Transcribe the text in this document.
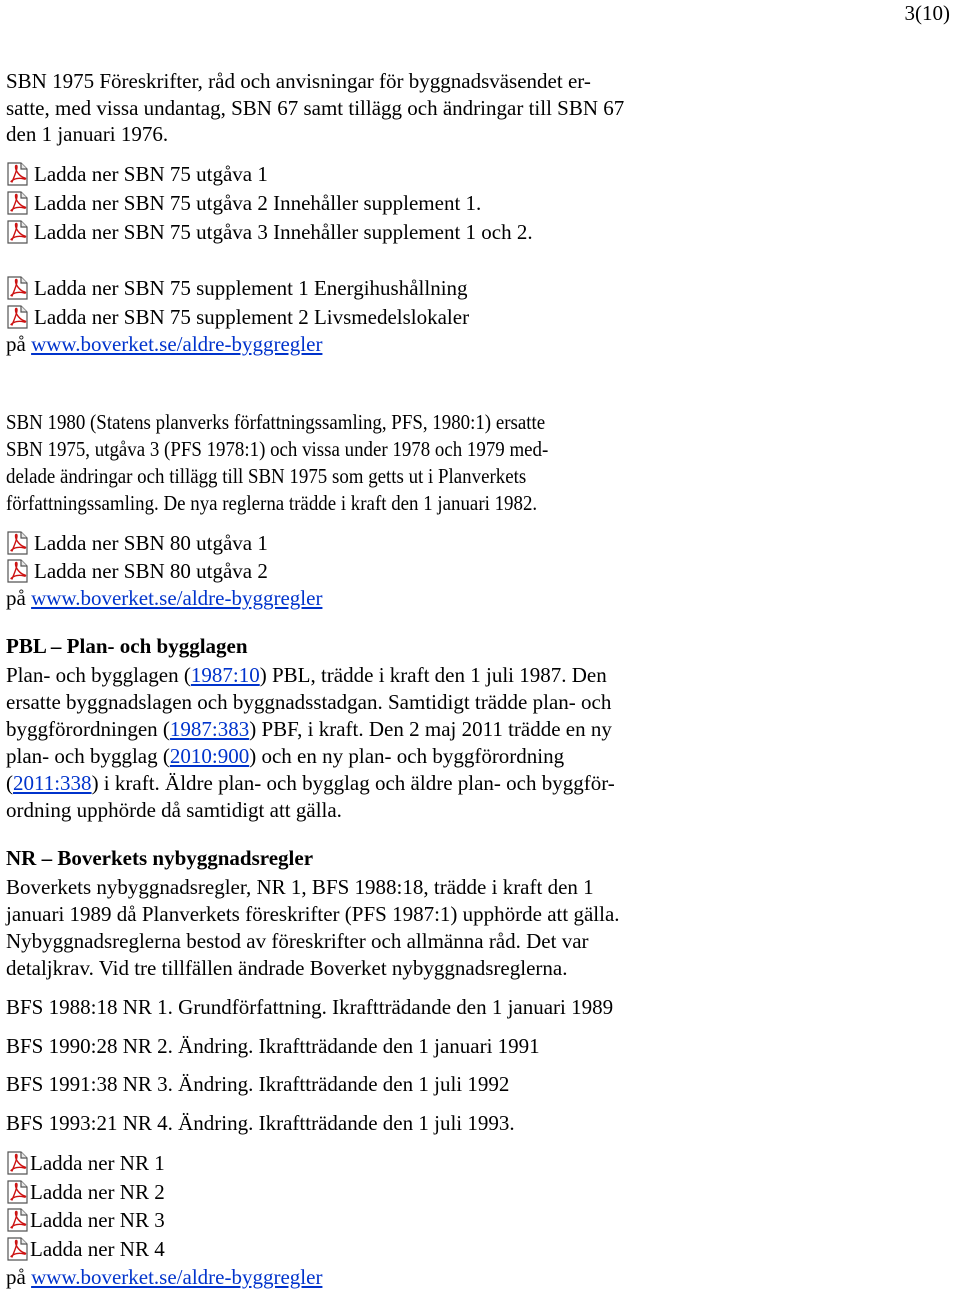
3(10)
SBN 1975 Föreskrifter, råd och anvisningar för byggnadsväsendet er-
satte, med vissa undantag, SBN 67 samt tillägg och ändringar till SBN 67
den 1 januari 1976.
Ladda ner SBN 75 utgåva 1
Ladda ner SBN 75 utgåva 2 Innehåller supplement 1.
Ladda ner SBN 75 utgåva 3 Innehåller supplement 1 och 2.
Ladda ner SBN 75 supplement 1 Energihushållning
Ladda ner SBN 75 supplement 2 Livsmedelslokaler
på www.boverket.se/aldre-byggregler
SBN 1980 (Statens planverks författningssamling, PFS, 1980:1) ersatte
SBN 1975, utgåva 3 (PFS 1978:1) och vissa under 1978 och 1979 med-
delade ändringar och tillägg till SBN 1975 som getts ut i Planverkets
författningssamling. De nya reglerna trädde i kraft den 1 januari 1982.
Ladda ner SBN 80 utgåva 1
Ladda ner SBN 80 utgåva 2
på www.boverket.se/aldre-byggregler
PBL – Plan- och bygglagen
Plan- och bygglagen (1987:10) PBL, trädde i kraft den 1 juli 1987. Den
ersatte byggnadslagen och byggnadsstadgan. Samtidigt trädde plan- och
byggförordningen (1987:383) PBF, i kraft. Den 2 maj 2011 trädde en ny
plan- och bygglag (2010:900) och en ny plan- och byggförordning
(2011:338) i kraft. Äldre plan- och bygglag och äldre plan- och byggför-
ordning upphörde då samtidigt att gälla.
NR – Boverkets nybyggnadsregler
Boverkets nybyggnadsregler, NR 1, BFS 1988:18, trädde i kraft den 1
januari 1989 då Planverkets föreskrifter (PFS 1987:1) upphörde att gälla.
Nybyggnadsreglerna bestod av föreskrifter och allmänna råd. Det var
detaljkrav. Vid tre tillfällen ändrade Boverket nybyggnadsreglerna.
BFS 1988:18 NR 1. Grundförfattning. Ikraftträdande den 1 januari 1989
BFS 1990:28 NR 2. Ändring. Ikraftträdande den 1 januari 1991
BFS 1991:38 NR 3. Ändring. Ikraftträdande den 1 juli 1992
BFS 1993:21 NR 4. Ändring. Ikraftträdande den 1 juli 1993.
Ladda ner NR 1
Ladda ner NR 2
Ladda ner NR 3
Ladda ner NR 4
på www.boverket.se/aldre-byggregler
